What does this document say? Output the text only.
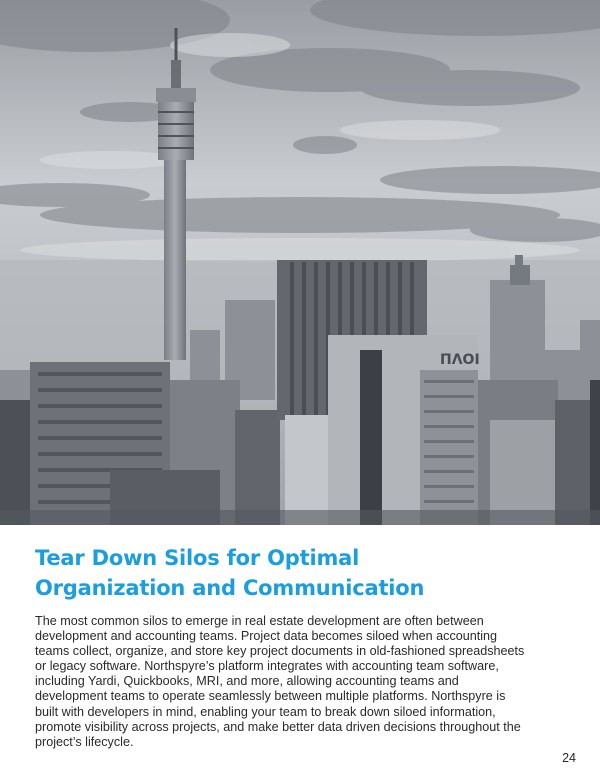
ΠΛΟΙ
Tear Down Silos for Optimal
Organization and Communication
The most common silos to emerge in real estate development are often between
development and accounting teams. Project data becomes siloed when accounting
teams collect, organize, and store key project documents in old-fashioned spreadsheets
or legacy software. Northspyre’s platform integrates with accounting team software,
including Yardi, Quickbooks, MRI, and more, allowing accounting teams and
development teams to operate seamlessly between multiple platforms. Northspyre is
built with developers in mind, enabling your team to break down siloed information,
promote visibility across projects, and make better data driven decisions throughout the
project’s lifecycle.
24
